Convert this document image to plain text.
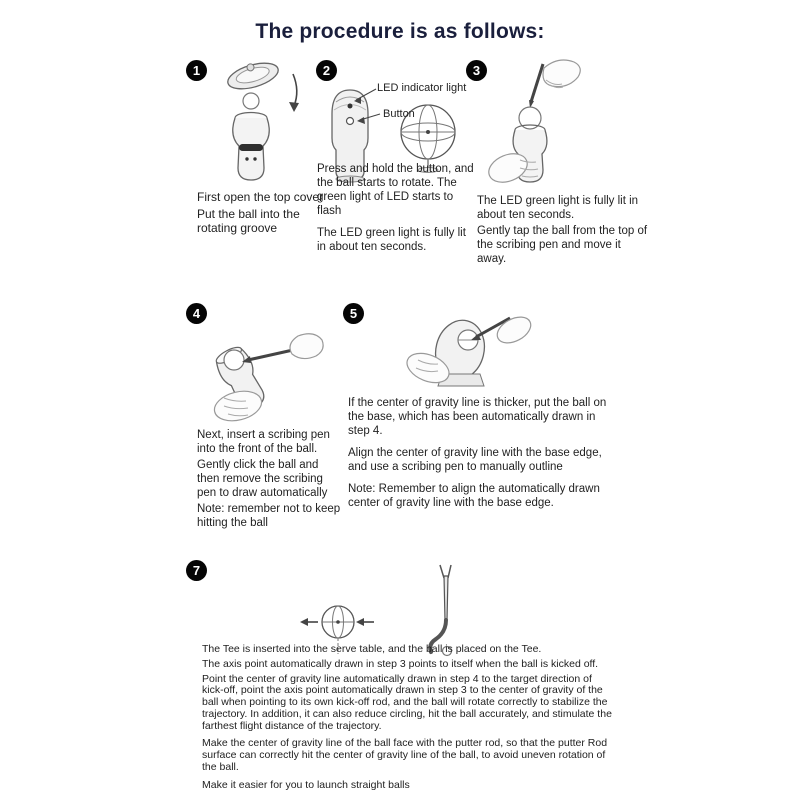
The procedure is as follows:
1

First open the top cover

Put the ball into the rotating groove

2
LED indicator light
Button

Press and hold the button, and the ball starts to rotate. The green light of LED starts to flash

The LED green light is fully lit in about ten seconds.

3

The LED green light is fully lit in about ten seconds.

Gently tap the ball from the top of the scribing pen and move it away.

4

Next, insert a scribing pen into the front of the ball.

Gently click the ball and then remove the scribing pen to draw automatically

Note: remember not to keep hitting the ball

5

If the center of gravity line is thicker, put the ball on the base, which has been automatically drawn in step 4.

Align the center of gravity line with the base edge, and use a scribing pen to manually outline

Note: Remember to align the automatically drawn center of gravity line with the base edge.

7

The Tee is inserted into the serve table, and the ball is placed on the Tee.

The axis point automatically drawn in step 3 points to itself when the ball is kicked off.

Point the center of gravity line automatically drawn in step 4 to the target direction of kick-off, point the axis point automatically drawn in step 3 to the center of gravity of the ball when pointing to its own kick-off rod, and the ball will rotate correctly to stabilize the trajectory. In addition, it can also reduce circling, hit the ball accurately, and stimulate the farthest flight distance of the trajectory.

Make the center of gravity line of the ball face with the putter rod, so that the putter Rod surface can correctly hit the center of gravity line of the ball, to avoid uneven rotation of the ball.

Make it easier for you to launch straight balls
